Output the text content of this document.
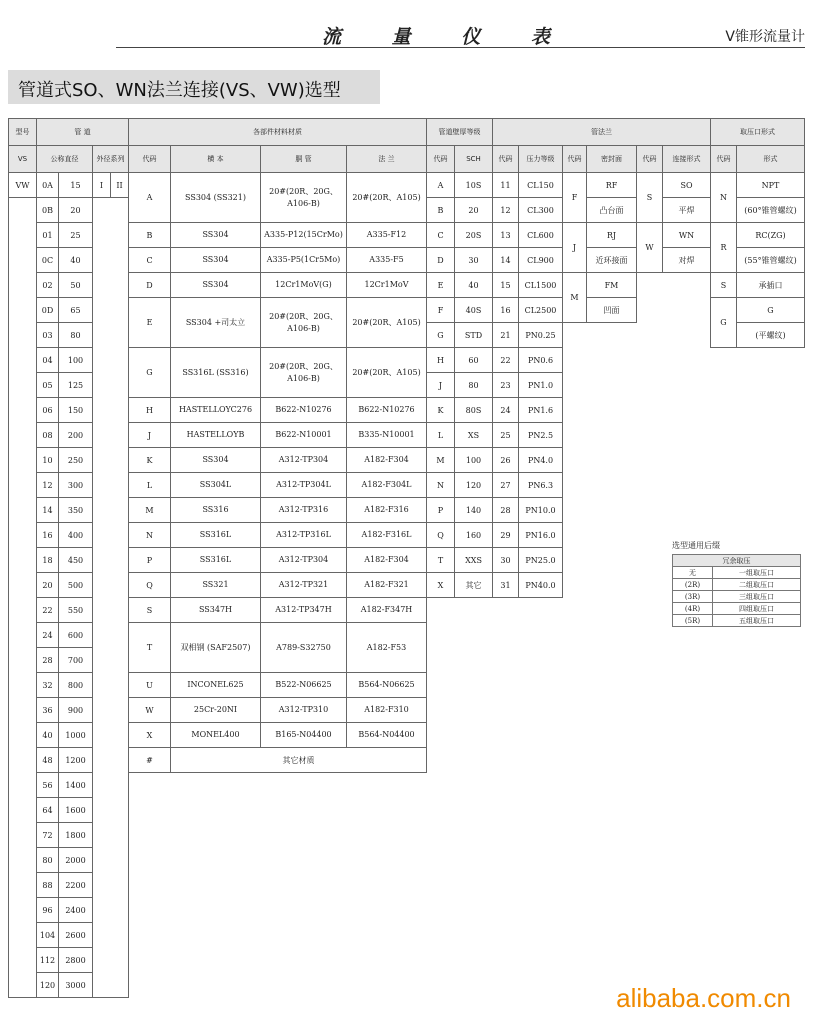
流 量 仪 表	V锥形流量计
管道式SO、WN法兰连接(VS、VW)选型
型号	管 道			
VS	公称直径		外径系列	
VW	0A	15	I	II
	0B	20		
	01	25		
	0C	40		
	02	50		
	0D	65		
	03	80		
	04	100		
	05	125		
	06	150		
	08	200		
	10	250		
	12	300		
	14	350		
	16	400		
	18	450		
	20	500		
	22	550		
	24	600		
	28	700		
	32	800		
	36	900		
	40	1000		
	48	1200		
	56	1400		
	64	1600		
	72	1800		
	80	2000		
	88	2200		
	96	2400		
	104	2600		
	112	2800		
	120	3000		
各部件材料材质			
代码	横 本	胴 管	法 兰
A	SS304 (SS321)	20#(20R、20G、A106-B)	20#(20R、A105)
B	SS304	A335-P12(15CrMo)	A335-F12
C	SS304	A335-P5(1Cr5Mo)	A335-F5
D	SS304	12Cr1MoV(G)	12Cr1MoV
E	SS304 +司太立	20#(20R、20G、A106-B)	20#(20R、A105)
G	SS316L (SS316)	20#(20R、20G、A106-B)	20#(20R、A105)
H	HASTELLOYC276	B622-N10276	B622-N10276
J	HASTELLOYB	B622-N10001	B335-N10001
K	SS304	A312-TP304	A182-F304
L	SS304L	A312-TP304L	A182-F304L
M	SS316	A312-TP316	A182-F316
N	SS316L	A312-TP316L	A182-F316L
P	SS316L	A312-TP304	A182-F304
Q	SS321	A312-TP321	A182-F321
S	SS347H	A312-TP347H	A182-F347H
T	双相钢 (SAF2507)	A789-S32750	A182-F53
U	INCONEL625	B522-N06625	B564-N06625
W	25Cr-20NI	A312-TP310	A182-F310
X	MONEL400	B165-N04400	B564-N04400
#	其它材质		
管道壁厚等级	
代码	SCH
A	10S
B	20
C	20S
D	30
E	40
F	40S
G	STD
H	60
J	80
K	80S
L	XS
M	100
N	120
P	140
Q	160
T	XXS
X	其它
管法兰					
代码	压力等级	代码	密封面	代码	连接形式
11	CL150	F	RF	S	SO
12	CL300		凸台面		平焊
13	CL600	J	RJ	W	WN
14	CL900		近环接面		对焊
15	CL1500	M	FM		
16	CL2500		凹面		
21	PN0.25				
22	PN0.6				
23	PN1.0				
24	PN1.6				
25	PN2.5				
26	PN4.0				
27	PN6.3				
28	PN10.0				
29	PN16.0				
30	PN25.0				
31	PN40.0				
取压口形式	
代码	形式
N	NPT
	(60°锥管螺纹)
R	RC(ZG)
	(55°锥管螺纹)
S	承插口
G	G
	(平螺纹)
选型通用后缀
冗余取压	
无	一组取压口
(2R)	二组取压口
(3R)	三组取压口
(4R)	四组取压口
(5R)	五组取压口
alibaba.com.cn
